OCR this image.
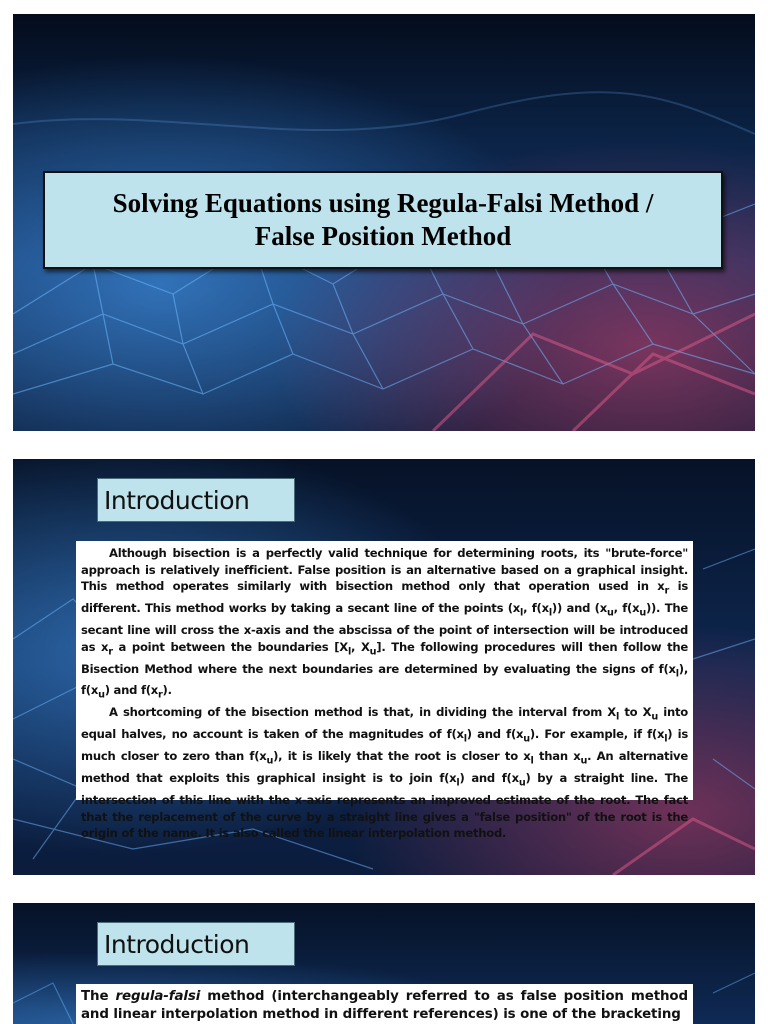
Solving Equations using Regula-Falsi Method /
False Position Method
Introduction

Although bisection is a perfectly valid technique for determining roots, its "brute-force" approach is relatively inefficient. False position is an alternative based on a graphical insight. This method operates similarly with bisection method only that operation used in $x_r$ is different. This method works by taking a secant line of the points ($x_l$, $f(x_l)$) and ($x_u$, $f(x_u)$). The secant line will cross the x-axis and the abscissa of the point of intersection will be introduced as $x_r$ a point between the boundaries [$X_l$, $X_u$]. The following procedures will then follow the Bisection Method where the next boundaries are determined by evaluating the signs of $f(x_l)$, $f(x_u)$ and $f(x_r)$.

A shortcoming of the bisection method is that, in dividing the interval from $X_l$ to $X_u$ into equal halves, no account is taken of the magnitudes of $f(x_l)$ and $f(x_u)$. For example, if $f(x_l)$ is much closer to zero than $f(x_u)$, it is likely that the root is closer to $x_l$ than $x_u$. An alternative method that exploits this graphical insight is to join $f(x_l)$ and $f(x_u)$ by a straight line. The intersection of this line with the x-axis represents an improved estimate of the root. The fact that the replacement of the curve by a straight line gives a "false position" of the root is the origin of the name. It is also called the linear interpolation method.

Introduction

The regula-falsi method (interchangeably referred to as false position method and linear interpolation method in different references) is one of the bracketing
